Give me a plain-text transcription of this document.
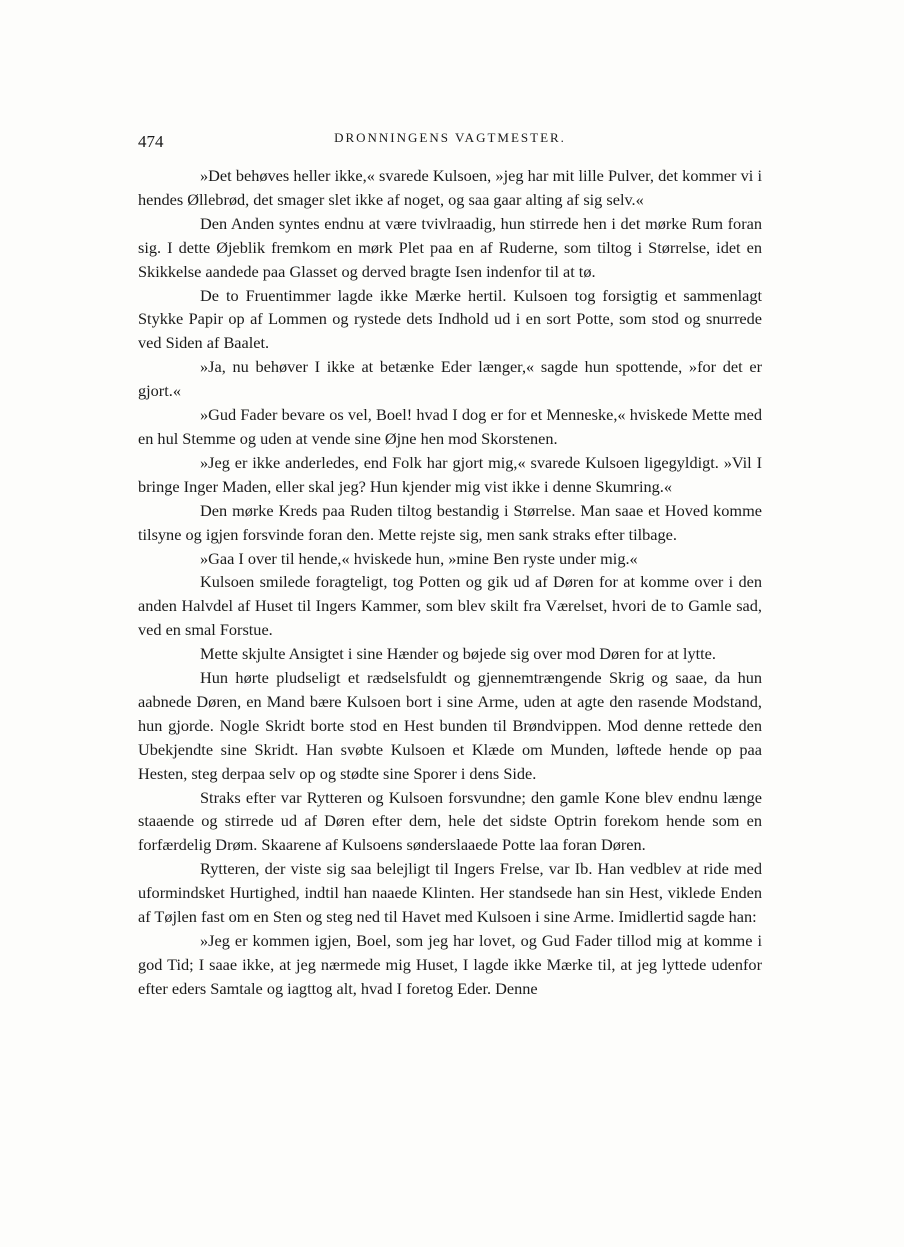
474	DRONNINGENS VAGTMESTER.

»Det behøves heller ikke,« svarede Kulsoen, »jeg har mit lille Pulver, det kommer vi i hendes Øllebrød, det smager slet ikke af noget, og saa gaar alting af sig selv.«

Den Anden syntes endnu at være tvivlraadig, hun stirrede hen i det mørke Rum foran sig. I dette Øjeblik fremkom en mørk Plet paa en af Ruderne, som tiltog i Størrelse, idet en Skikkelse aandede paa Glasset og derved bragte Isen indenfor til at tø.

De to Fruentimmer lagde ikke Mærke hertil. Kulsoen tog forsigtig et sammenlagt Stykke Papir op af Lommen og rystede dets Indhold ud i en sort Potte, som stod og snurrede ved Siden af Baalet.

»Ja, nu behøver I ikke at betænke Eder længer,« sagde hun spottende, »for det er gjort.«

»Gud Fader bevare os vel, Boel! hvad I dog er for et Menneske,« hviskede Mette med en hul Stemme og uden at vende sine Øjne hen mod Skorstenen.

»Jeg er ikke anderledes, end Folk har gjort mig,« svarede Kulsoen ligegyldigt. »Vil I bringe Inger Maden, eller skal jeg? Hun kjender mig vist ikke i denne Skumring.«

Den mørke Kreds paa Ruden tiltog bestandig i Størrelse. Man saae et Hoved komme tilsyne og igjen forsvinde foran den. Mette rejste sig, men sank straks efter tilbage.

»Gaa I over til hende,« hviskede hun, »mine Ben ryste under mig.«

Kulsoen smilede foragteligt, tog Potten og gik ud af Døren for at komme over i den anden Halvdel af Huset til Ingers Kammer, som blev skilt fra Værelset, hvori de to Gamle sad, ved en smal Forstue.

Mette skjulte Ansigtet i sine Hænder og bøjede sig over mod Døren for at lytte.

Hun hørte pludseligt et rædselsfuldt og gjennemtrængende Skrig og saae, da hun aabnede Døren, en Mand bære Kulsoen bort i sine Arme, uden at agte den rasende Modstand, hun gjorde. Nogle Skridt borte stod en Hest bunden til Brøndvippen. Mod denne rettede den Ubekjendte sine Skridt. Han svøbte Kulsoen et Klæde om Munden, løftede hende op paa Hesten, steg derpaa selv op og stødte sine Sporer i dens Side.

Straks efter var Rytteren og Kulsoen forsvundne; den gamle Kone blev endnu længe staaende og stirrede ud af Døren efter dem, hele det sidste Optrin forekom hende som en forfærdelig Drøm. Skaarene af Kulsoens sønderslaaede Potte laa foran Døren.

Rytteren, der viste sig saa belejligt til Ingers Frelse, var Ib. Han vedblev at ride med uformindsket Hurtighed, indtil han naaede Klinten. Her standsede han sin Hest, viklede Enden af Tøjlen fast om en Sten og steg ned til Havet med Kulsoen i sine Arme. Imidlertid sagde han:

»Jeg er kommen igjen, Boel, som jeg har lovet, og Gud Fader tillod mig at komme i god Tid; I saae ikke, at jeg nærmede mig Huset, I lagde ikke Mærke til, at jeg lyttede udenfor efter eders Samtale og iagttog alt, hvad I foretog Eder. Denne
